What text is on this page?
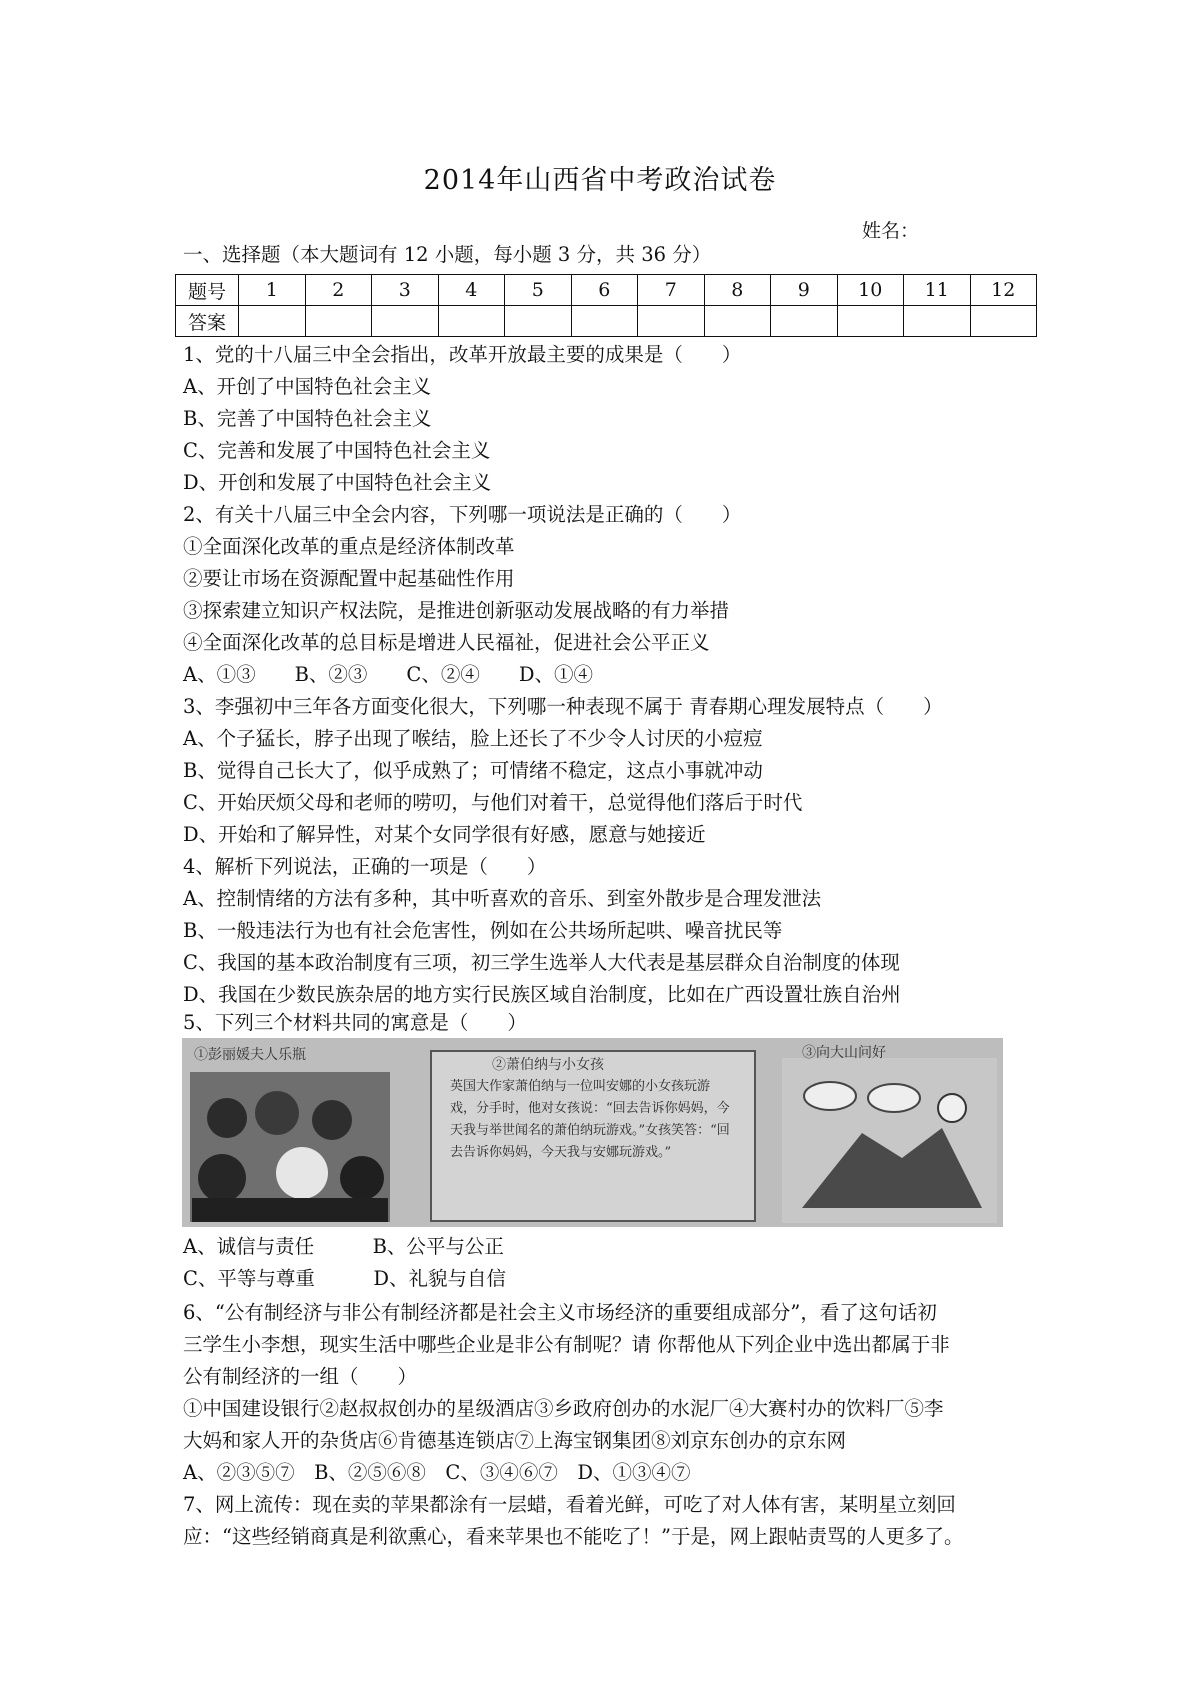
2014年山西省中考政治试卷
姓名：
一、选择题（本大题词有 12 小题，每小题 3 分，共 36 分）
题号	1	2	3	4	5	6	7	8	9	10	11	12
答案												
1、党的十八届三中全会指出，改革开放最主要的成果是（　　）
A、开创了中国特色社会主义
B、完善了中国特色社会主义
C、完善和发展了中国特色社会主义
D、开创和发展了中国特色社会主义
2、有关十八届三中全会内容，下列哪一项说法是正确的（　　）
①全面深化改革的重点是经济体制改革
②要让市场在资源配置中起基础性作用
③探索建立知识产权法院，是推进创新驱动发展战略的有力举措
④全面深化改革的总目标是增进人民福祉，促进社会公平正义
A、①③　　B、②③　　C、②④　　D、①④
3、李强初中三年各方面变化很大，下列哪一种表现不属于 青春期心理发展特点（　　）
A、个子猛长，脖子出现了喉结，脸上还长了不少令人讨厌的小痘痘
B、觉得自己长大了，似乎成熟了；可情绪不稳定，这点小事就冲动
C、开始厌烦父母和老师的唠叨，与他们对着干，总觉得他们落后于时代
D、开始和了解异性，对某个女同学很有好感，愿意与她接近
4、解析下列说法，正确的一项是（　　）
A、控制情绪的方法有多种，其中听喜欢的音乐、到室外散步是合理发泄法
B、一般违法行为也有社会危害性，例如在公共场所起哄、噪音扰民等
C、我国的基本政治制度有三项，初三学生选举人大代表是基层群众自治制度的体现
D、我国在少数民族杂居的地方实行民族区域自治制度，比如在广西设置壮族自治州
5、下列三个材料共同的寓意是（　　）
①彭丽媛夫人乐瓶
②萧伯纳与小女孩
英国大作家萧伯纳与一位叫安娜的小女孩玩游戏，分手时，他对女孩说：“回去告诉你妈妈，今天我与举世闻名的萧伯纳玩游戏。”女孩笑答：“回去告诉你妈妈，今天我与安娜玩游戏。”
③向大山问好
A、诚信与责任　　　B、公平与公正
C、平等与尊重　　　D、礼貌与自信
6、“公有制经济与非公有制经济都是社会主义市场经济的重要组成部分”，看了这句话初
三学生小李想，现实生活中哪些企业是非公有制呢？请 你帮他从下列企业中选出都属于非
公有制经济的一组（　　）
①中国建设银行②赵叔叔创办的星级酒店③乡政府创办的水泥厂④大赛村办的饮料厂⑤李
大妈和家人开的杂货店⑥肯德基连锁店⑦上海宝钢集团⑧刘京东创办的京东网
A、②③⑤⑦　B、②⑤⑥⑧　C、③④⑥⑦　D、①③④⑦
7、网上流传：现在卖的苹果都涂有一层蜡，看着光鲜，可吃了对人体有害，某明星立刻回
应：“这些经销商真是利欲熏心，看来苹果也不能吃了！”于是，网上跟帖责骂的人更多了。
